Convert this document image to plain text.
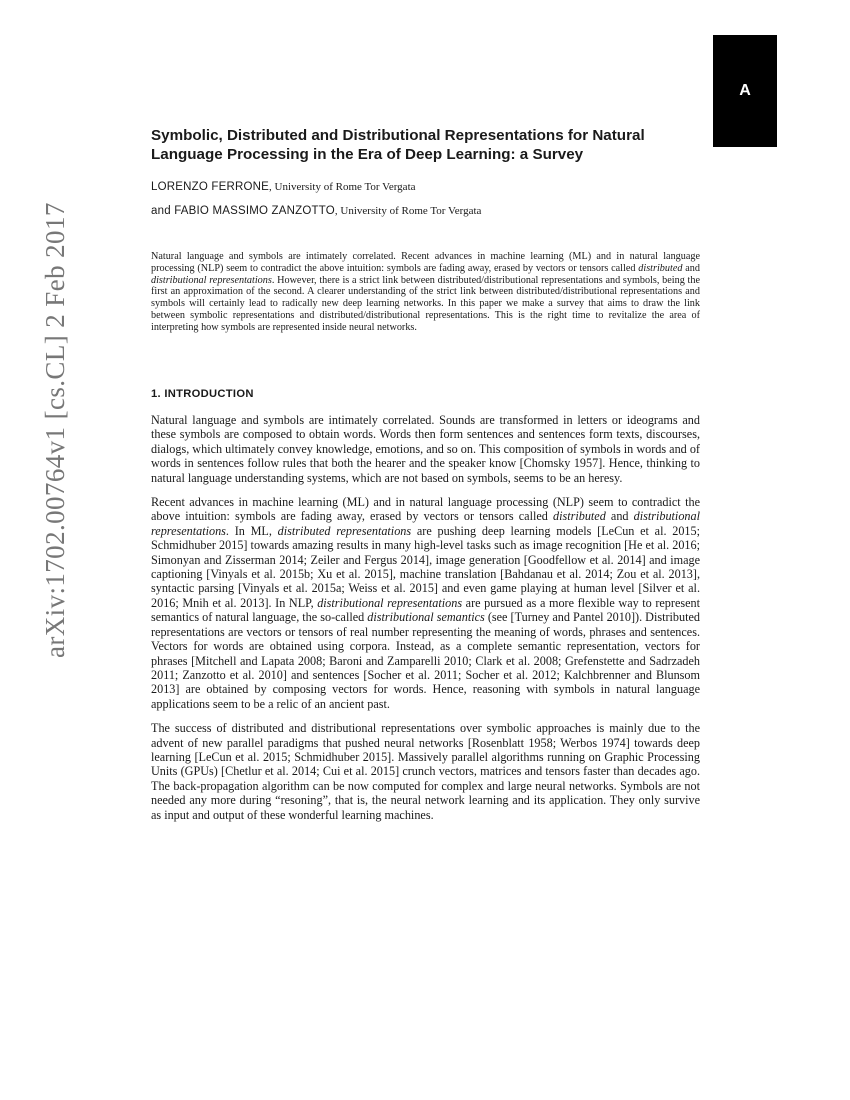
A
arXiv:1702.00764v1 [cs.CL] 2 Feb 2017
Symbolic, Distributed and Distributional Representations for Natural Language Processing in the Era of Deep Learning: a Survey
LORENZO FERRONE, University of Rome Tor Vergata
and FABIO MASSIMO ZANZOTTO, University of Rome Tor Vergata

Natural language and symbols are intimately correlated. Recent advances in machine learning (ML) and in natural language processing (NLP) seem to contradict the above intuition: symbols are fading away, erased by vectors or tensors called distributed and distributional representations. However, there is a strict link between distributed/distributional representations and symbols, being the first an approximation of the second. A clearer understanding of the strict link between distributed/distributional representations and symbols will certainly lead to radically new deep learning networks. In this paper we make a survey that aims to draw the link between symbolic representations and distributed/distributional representations. This is the right time to revitalize the area of interpreting how symbols are represented inside neural networks.

1. INTRODUCTION

Natural language and symbols are intimately correlated. Sounds are transformed in letters or ideograms and these symbols are composed to obtain words. Words then form sentences and sentences form texts, discourses, dialogs, which ultimately convey knowledge, emotions, and so on. This composition of symbols in words and of words in sentences follow rules that both the hearer and the speaker know [Chomsky 1957]. Hence, thinking to natural language understanding systems, which are not based on symbols, seems to be an heresy.

Recent advances in machine learning (ML) and in natural language processing (NLP) seem to contradict the above intuition: symbols are fading away, erased by vectors or tensors called distributed and distributional representations. In ML, distributed representations are pushing deep learning models [LeCun et al. 2015; Schmidhuber 2015] towards amazing results in many high-level tasks such as image recognition [He et al. 2016; Simonyan and Zisserman 2014; Zeiler and Fergus 2014], image generation [Goodfellow et al. 2014] and image captioning [Vinyals et al. 2015b; Xu et al. 2015], machine translation [Bahdanau et al. 2014; Zou et al. 2013], syntactic parsing [Vinyals et al. 2015a; Weiss et al. 2015] and even game playing at human level [Silver et al. 2016; Mnih et al. 2013]. In NLP, distributional representations are pursued as a more flexible way to represent semantics of natural language, the so-called distributional semantics (see [Turney and Pantel 2010]). Distributed representations are vectors or tensors of real number representing the meaning of words, phrases and sentences. Vectors for words are obtained using corpora. Instead, as a complete semantic representation, vectors for phrases [Mitchell and Lapata 2008; Baroni and Zamparelli 2010; Clark et al. 2008; Grefenstette and Sadrzadeh 2011; Zanzotto et al. 2010] and sentences [Socher et al. 2011; Socher et al. 2012; Kalchbrenner and Blunsom 2013] are obtained by composing vectors for words. Hence, reasoning with symbols in natural language applications seem to be a relic of an ancient past.

The success of distributed and distributional representations over symbolic approaches is mainly due to the advent of new parallel paradigms that pushed neural networks [Rosenblatt 1958; Werbos 1974] towards deep learning [LeCun et al. 2015; Schmidhuber 2015]. Massively parallel algorithms running on Graphic Processing Units (GPUs) [Chetlur et al. 2014; Cui et al. 2015] crunch vectors, matrices and tensors faster than decades ago. The back-propagation algorithm can be now computed for complex and large neural networks. Symbols are not needed any more during “resoning”, that is, the neural network learning and its application. They only survive as input and output of these wonderful learning machines.
